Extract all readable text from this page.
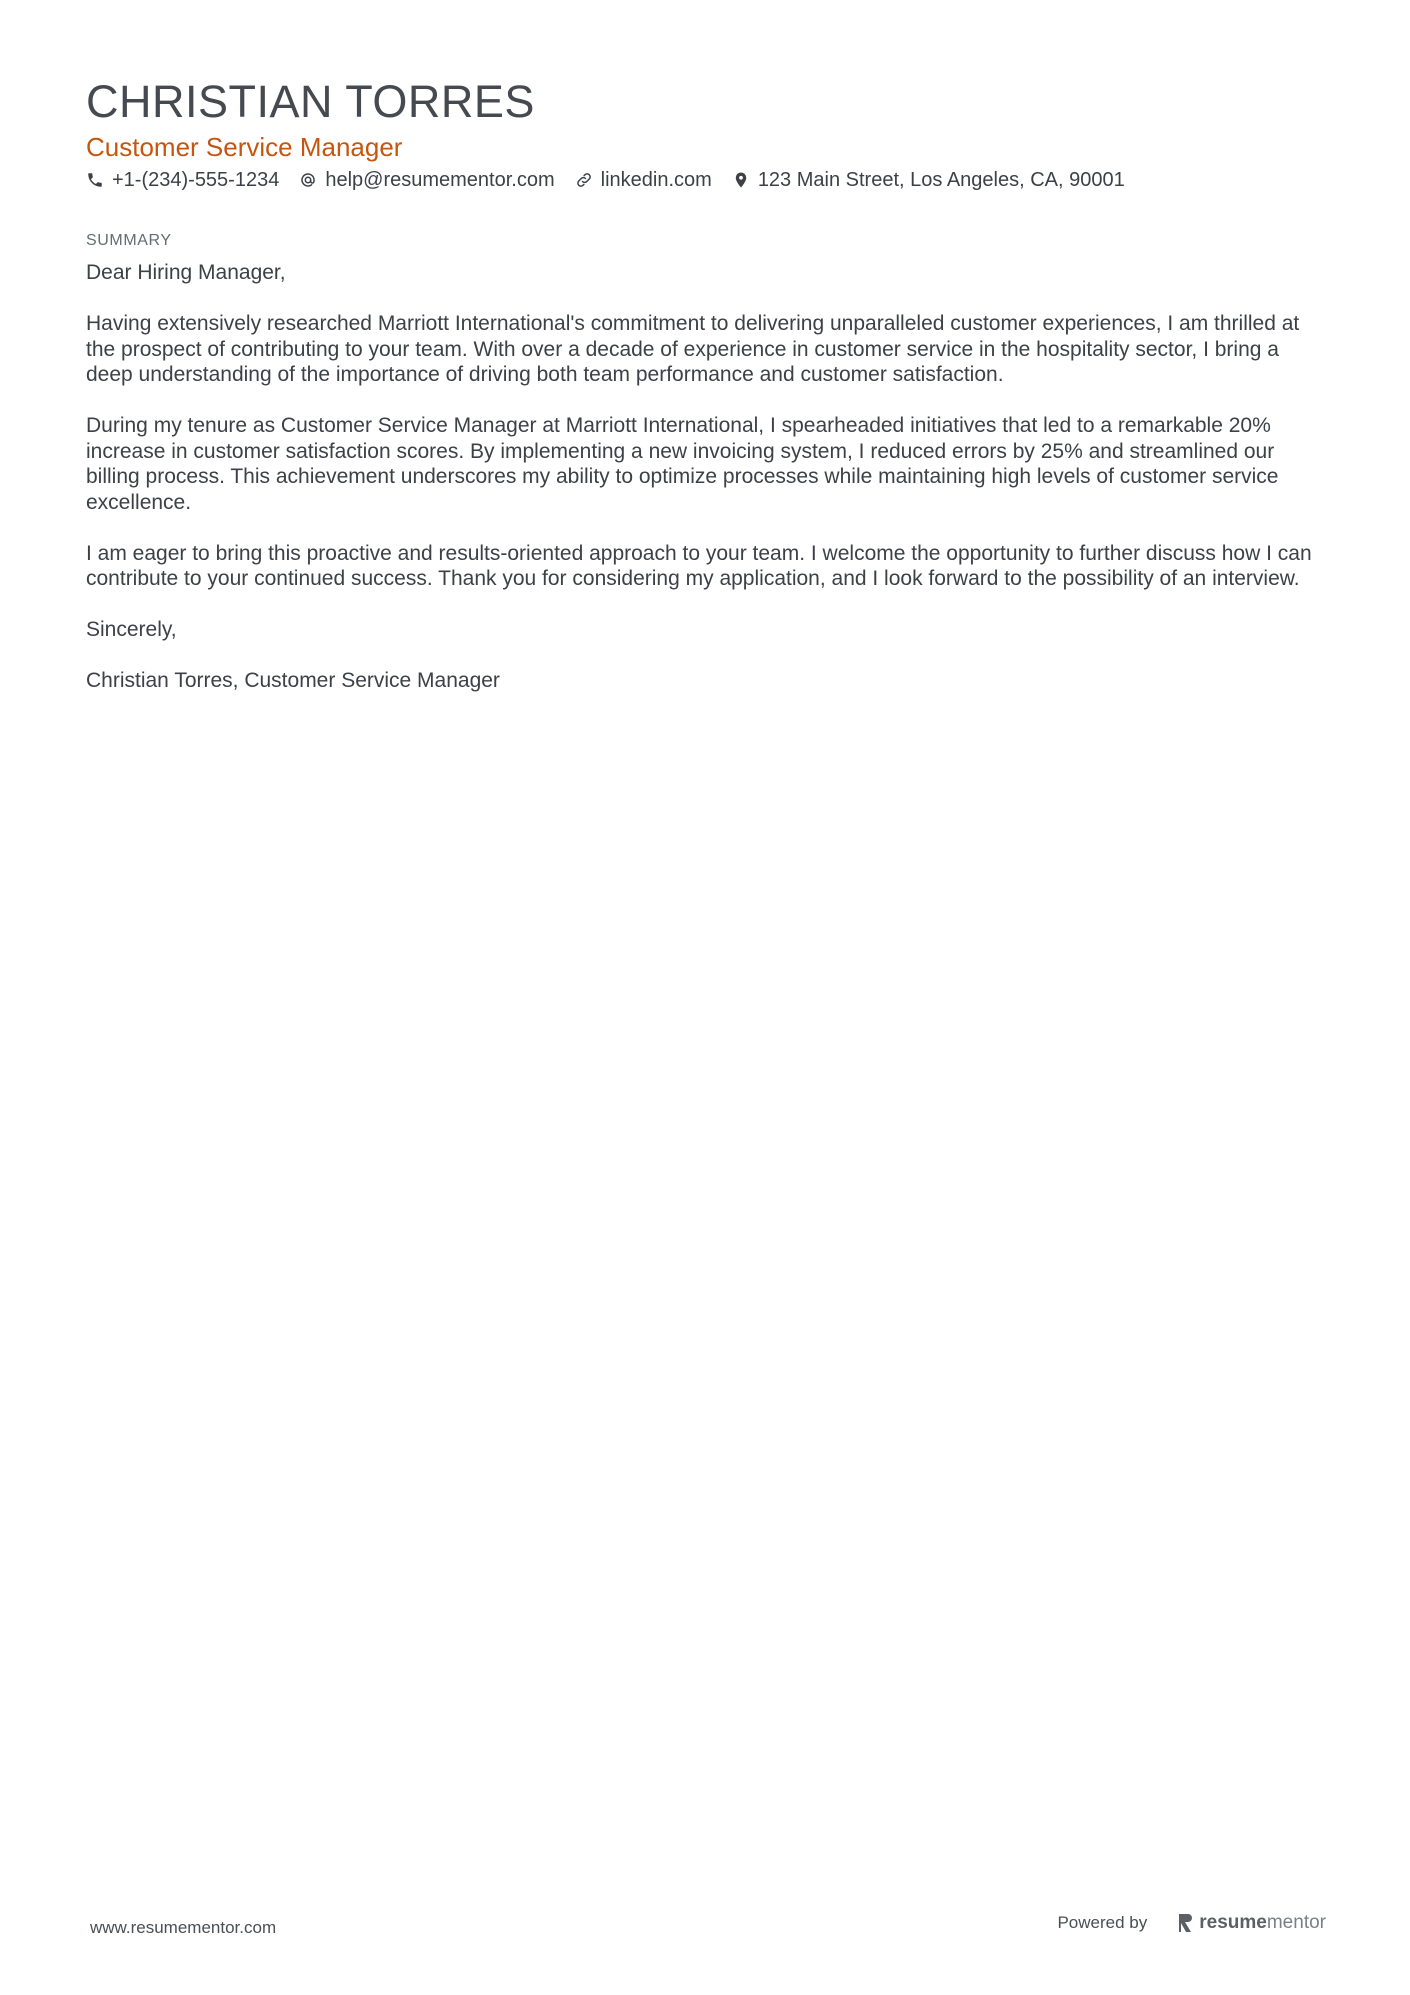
CHRISTIAN TORRES
Customer Service Manager
+1-(234)-555-1234 help@resumementor.com linkedin.com 123 Main Street, Los Angeles, CA, 90001
SUMMARY

Dear Hiring Manager,

Having extensively researched Marriott International's commitment to delivering unparalleled customer experiences, I am thrilled at the prospect of contributing to your team. With over a decade of experience in customer service in the hospitality sector, I bring a deep understanding of the importance of driving both team performance and customer satisfaction.

During my tenure as Customer Service Manager at Marriott International, I spearheaded initiatives that led to a remarkable 20% increase in customer satisfaction scores. By implementing a new invoicing system, I reduced errors by 25% and streamlined our billing process. This achievement underscores my ability to optimize processes while maintaining high levels of customer service excellence.

I am eager to bring this proactive and results-oriented approach to your team. I welcome the opportunity to further discuss how I can contribute to your continued success. Thank you for considering my application, and I look forward to the possibility of an interview.

Sincerely,

Christian Torres, Customer Service Manager

www.resumementor.com	Powered by	resumementor
